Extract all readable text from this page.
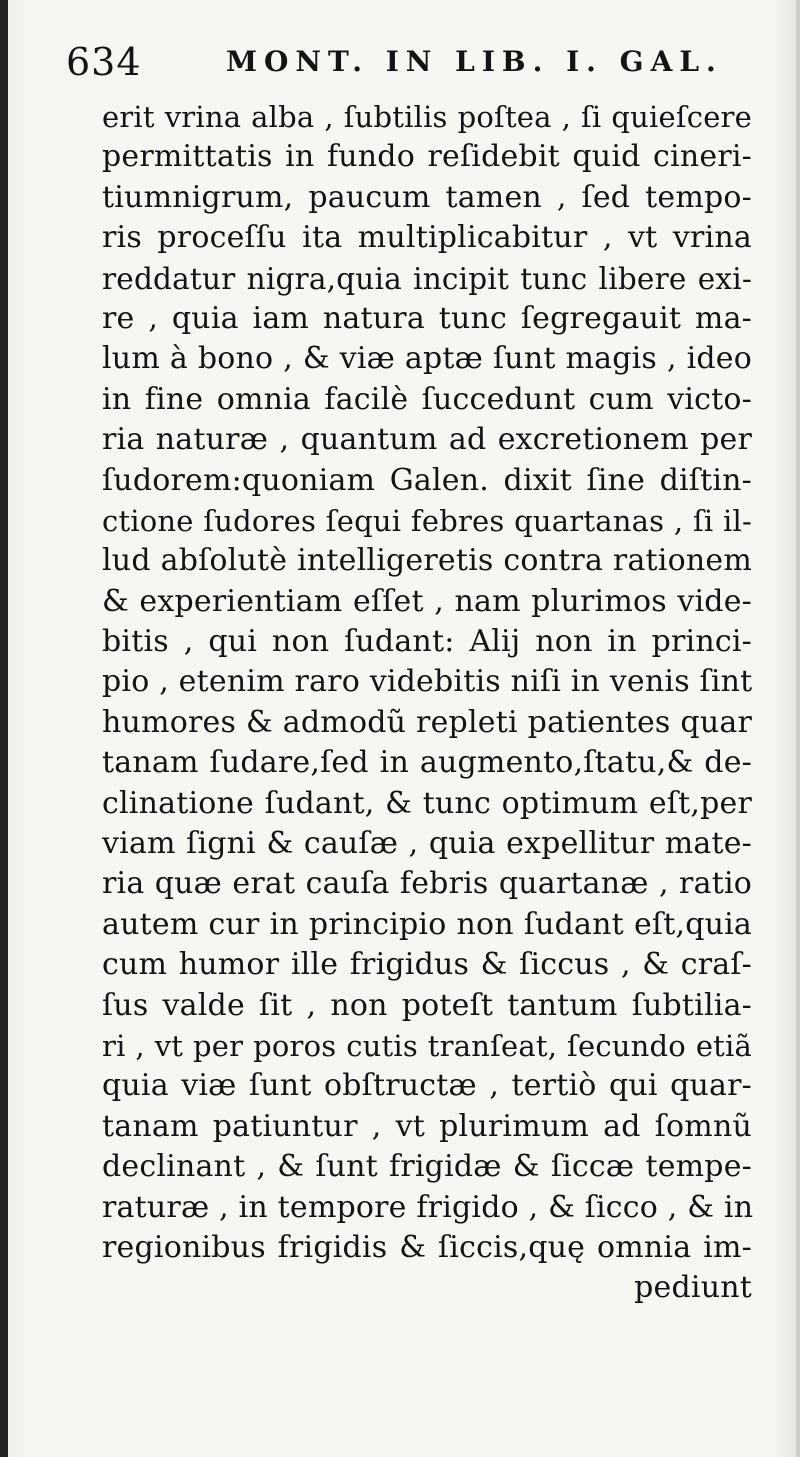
634	MONT. IN LIB. I. GAL.
erit vrina alba , ſubtilis poſtea , ſi quieſcere
permittatis in fundo reſidebit quid cineri-
tiumnigrum, paucum tamen , ſed tempo-
ris proceſſu ita multiplicabitur , vt vrina
reddatur nigra,quia incipit tunc libere exi-
re , quia iam natura tunc ſegregauit ma-
lum à bono , & viæ aptæ ſunt magis , ideo
in fine omnia facilè ſuccedunt cum victo-
ria naturæ , quantum ad excretionem per
ſudorem:quoniam Galen. dixit ſine diſtin-
ctione ſudores ſequi febres quartanas , ſi il-
lud abſolutè intelligeretis contra rationem
& experientiam eſſet , nam plurimos vide-
bitis , qui non ſudant: Alij non in princi-
pio , etenim raro videbitis niſi in venis ſint
humores & admodũ repleti patientes quar
tanam ſudare,ſed in augmento,ſtatu,& de-
clinatione ſudant, & tunc optimum eſt,per
viam ſigni & cauſæ , quia expellitur mate-
ria quæ erat cauſa febris quartanæ , ratio
autem cur in principio non ſudant eſt,quia
cum humor ille frigidus & ſiccus , & craſ-
ſus valde ſit , non poteſt tantum ſubtilia-
ri , vt per poros cutis tranſeat, ſecundo etiã
quia viæ ſunt obſtructæ , tertiò qui quar-
tanam patiuntur , vt plurimum ad ſomnũ
declinant , & ſunt frigidæ & ſiccæ tempe-
raturæ , in tempore frigido , & ſicco , & in
regionibus frigidis & ſiccis,quę omnia im-
pediunt
